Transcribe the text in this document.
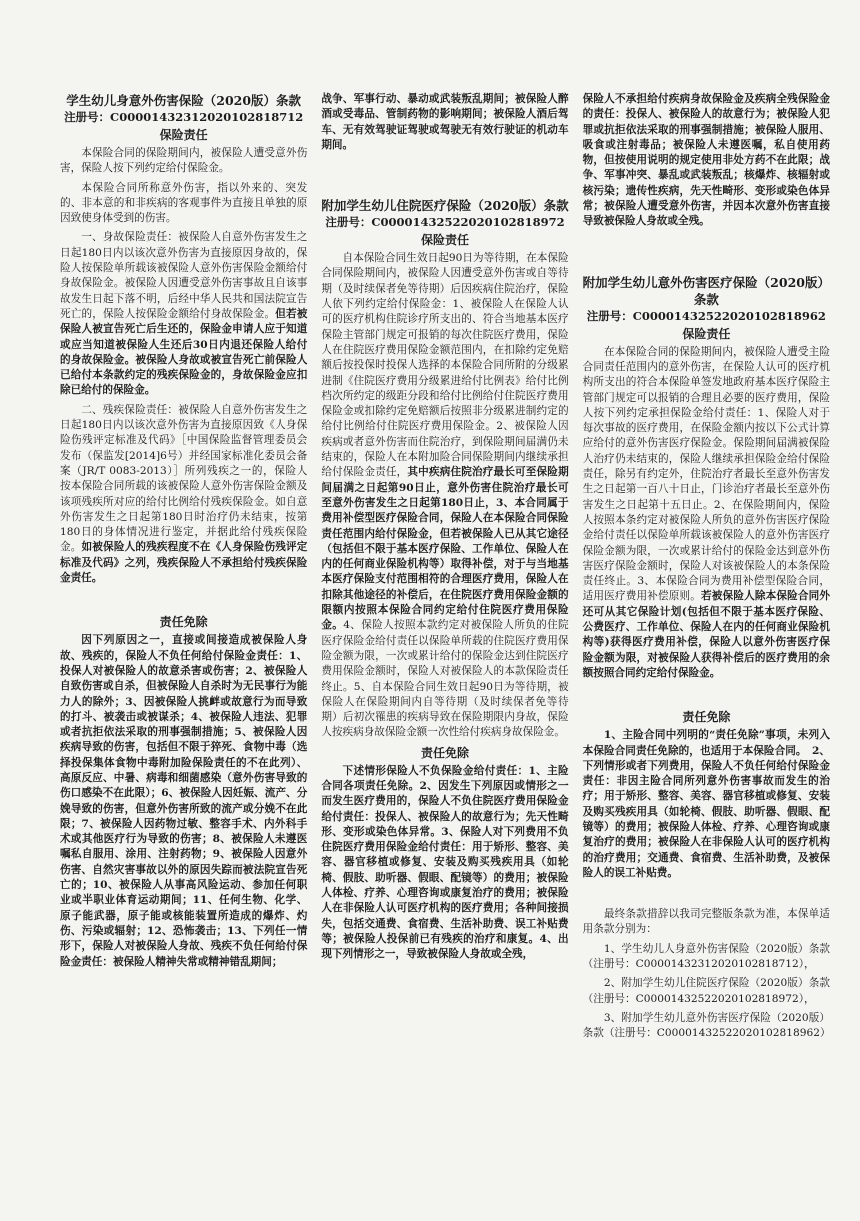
学生幼儿身意外伤害保险（2020版）条款

注册号：C00001432312020102818712

保险责任

本保险合同的保险期间内，被保险人遭受意外伤害，保险人按下列约定给付保险金。

本保险合同所称意外伤害，指以外来的、突发的、非本意的和非疾病的客观事件为直接且单独的原因致使身体受到的伤害。

一、身故保险责任：被保险人自意外伤害发生之日起180日内以该次意外伤害为直接原因身故的，保险人按保险单所载该被保险人意外伤害保险金额给付身故保险金。被保险人因遭受意外伤害事故且自该事故发生日起下落不明，后经中华人民共和国法院宣告死亡的，保险人按保险金额给付身故保险金。但若被保险人被宣告死亡后生还的，保险金申请人应于知道或应当知道被保险人生还后30日内退还保险人给付的身故保险金。被保险人身故或被宣告死亡前保险人已给付本条款约定的残疾保险金的，身故保险金应扣除已给付的保险金。

二、残疾保险责任：被保险人自意外伤害发生之日起180日内以该次意外伤害为直接原因致《人身保险伤残评定标准及代码》［中国保险监督管理委员会发布（保监发[2014]6号）并经国家标准化委员会备案（JR/T 0083-2013）］所列残疾之一的，保险人按本保险合同所载的该被保险人意外伤害保险金额及该项残疾所对应的给付比例给付残疾保险金。如自意外伤害发生之日起第180日时治疗仍未结束，按第180日的身体情况进行鉴定，并据此给付残疾保险金。如被保险人的残疾程度不在《人身保险伤残评定标准及代码》之列，残疾保险人不承担给付残疾保险金责任。

责任免除

因下列原因之一，直接或间接造成被保险人身故、残疾的，保险人不负任何给付保险金责任：1、投保人对被保险人的故意杀害或伤害；2、被保险人自致伤害或自杀，但被保险人自杀时为无民事行为能力人的除外；3、因被保险人挑衅或故意行为而导致的打斗、被袭击或被谋杀；4、被保险人违法、犯罪或者抗拒依法采取的刑事强制措施；5、被保险人因疾病导致的伤害，包括但不限于猝死、食物中毒（选择投保集体食物中毒附加险保险责任的不在此列）、高原反应、中暑、病毒和细菌感染（意外伤害导致的伤口感染不在此限）；6、被保险人因妊娠、流产、分娩导致的伤害，但意外伤害所致的流产或分娩不在此限；7、被保险人因药物过敏、整容手术、内外科手术或其他医疗行为导致的伤害；8、被保险人未遵医嘱私自服用、涂用、注射药物；9、被保险人因意外伤害、自然灾害事故以外的原因失踪而被法院宣告死亡的；10、被保险人从事高风险运动、参加任何职业或半职业体育运动期间；11、任何生物、化学、原子能武器，原子能或核能装置所造成的爆炸、灼伤、污染或辐射；12、恐怖袭击；13、下列任一情形下，保险人对被保险人身故、残疾不负任何给付保险金责任：被保险人精神失常或精神错乱期间；

战争、军事行动、暴动或武装叛乱期间；被保险人醉酒或受毒品、管制药物的影响期间；被保险人酒后驾车、无有效驾驶证驾驶或驾驶无有效行驶证的机动车期间。

附加学生幼儿住院医疗保险（2020版）条款

注册号：C00001432522020102818972

保险责任

自本保险合同生效日起90日为等待期，在本保险合同保险期间内，被保险人因遭受意外伤害或自等待期（及时续保者免等待期）后因疾病住院治疗，保险人依下列约定给付保险金：1、被保险人在保险人认可的医疗机构住院诊疗所支出的、符合当地基本医疗保险主管部门规定可报销的每次住院医疗费用，保险人在住院医疗费用保险金额范围内，在扣除约定免赔额后按投保时投保人选择的本保险合同所附的分级累进制《住院医疗费用分级累进给付比例表》给付比例档次所约定的级距分段和给付比例给付住院医疗费用保险金或扣除约定免赔额后按照非分级累进制约定的给付比例给付住院医疗费用保险金。2、被保险人因疾病或者意外伤害而住院治疗，到保险期间届满仍未结束的，保险人在本附加险合同保险期间内继续承担给付保险金责任，其中疾病住院治疗最长可至保险期间届满之日起第90日止，意外伤害住院治疗最长可至意外伤害发生之日起第180日止，3、本合同属于费用补偿型医疗保险合同，保险人在本保险合同保险责任范围内给付保险金，但若被保险人已从其它途径（包括但不限于基本医疗保险、工作单位、保险人在内的任何商业保险机构等）取得补偿，对于与当地基本医疗保险支付范围相符的合理医疗费用，保险人在扣除其他途径的补偿后，在住院医疗费用保险金额的限额内按照本保险合同约定给付住院医疗费用保险金。4、保险人按照本款约定对被保险人所负的住院医疗保险金给付责任以保险单所载的住院医疗费用保险金额为限，一次或累计给付的保险金达到住院医疗费用保险金额时，保险人对被保险人的本款保险责任终止。5、自本保险合同生效日起90日为等待期，被保险人在保险期间内自等待期（及时续保者免等待期）后初次罹患的疾病导致在保险期限内身故，保险人按疾病身故保险金额一次性给付疾病身故保险金。

责任免除

下述情形保险人不负保险金给付责任：1、主险合同各项责任免除。2、因发生下列原因或情形之一而发生医疗费用的，保险人不负住院医疗费用保险金给付责任：投保人、被保险人的故意行为；先天性畸形、变形或染色体异常。3、保险人对下列费用不负住院医疗费用保险金给付责任：用于矫形、整容、美容、器官移植或修复、安装及购买残疾用具（如轮椅、假肢、助听器、假眼、配镜等）的费用；被保险人体检、疗养、心理咨询或康复治疗的费用；被保险人在非保险人认可医疗机构的医疗费用；各种间接损失，包括交通费、食宿费、生活补助费、误工补贴费等；被保险人投保前已有残疾的治疗和康复。4、出现下列情形之一，导致被保险人身故或全残，

保险人不承担给付疾病身故保险金及疾病全残保险金的责任：投保人、被保险人的故意行为；被保险人犯罪或抗拒依法采取的刑事强制措施；被保险人服用、吸食或注射毒品；被保险人未遵医嘱，私自使用药物，但按使用说明的规定使用非处方药不在此限；战争、军事冲突、暴乱或武装叛乱；核爆炸、核辐射或核污染；遗传性疾病，先天性畸形、变形或染色体异常；被保险人遭受意外伤害，并因本次意外伤害直接导致被保险人身故或全残。

附加学生幼儿意外伤害医疗保险（2020版）条款

注册号：C00001432522020102818962

保险责任

在本保险合同的保险期间内，被保险人遭受主险合同责任范围内的意外伤害，在保险人认可的医疗机构所支出的符合本保险单签发地政府基本医疗保险主管部门规定可以报销的合理且必要的医疗费用，保险人按下列约定承担保险金给付责任：1、保险人对于每次事故的医疗费用，在保险金额内按以下公式计算应给付的意外伤害医疗保险金。保险期间届满被保险人治疗仍未结束的，保险人继续承担保险金给付保险责任，除另有约定外，住院治疗者最长至意外伤害发生之日起第一百八十日止，门诊治疗者最长至意外伤害发生之日起第十五日止。2、在保险期间内，保险人按照本条约定对被保险人所负的意外伤害医疗保险金给付责任以保险单所载该被保险人的意外伤害医疗保险金额为限，一次或累计给付的保险金达到意外伤害医疗保险金额时，保险人对该被保险人的本条保险责任终止。3、本保险合同为费用补偿型保险合同，适用医疗费用补偿原则。若被保险人除本保险合同外还可从其它保险计划(包括但不限于基本医疗保险、公费医疗、工作单位、保险人在内的任何商业保险机构等)获得医疗费用补偿，保险人以意外伤害医疗保险金额为限，对被保险人获得补偿后的医疗费用的余额按照合同约定给付保险金。

责任免除

1、主险合同中列明的“责任免除”事项，未列入本保险合同责任免除的，也适用于本保险合同。　2、下列情形或者下列费用，保险人不负任何给付保险金责任：非因主险合同所列意外伤害事故而发生的治疗；用于矫形、整容、美容、器官移植或修复、安装及购买残疾用具（如轮椅、假肢、助听器、假眼、配镜等）的费用；被保险人体检、疗养、心理咨询或康复治疗的费用；被保险人在非保险人认可的医疗机构的治疗费用；交通费、食宿费、生活补助费，及被保险人的误工补贴费。

最终条款措辞以我司完整版条款为准，本保单适用条款分别为：

1、学生幼儿人身意外伤害保险（2020版）条款（注册号：C00001432312020102818712），

2、附加学生幼儿住院医疗保险（2020版）条款（注册号：C00001432522020102818972），

3、附加学生幼儿意外伤害医疗保险（2020版）条款（注册号：C00001432522020102818962）
